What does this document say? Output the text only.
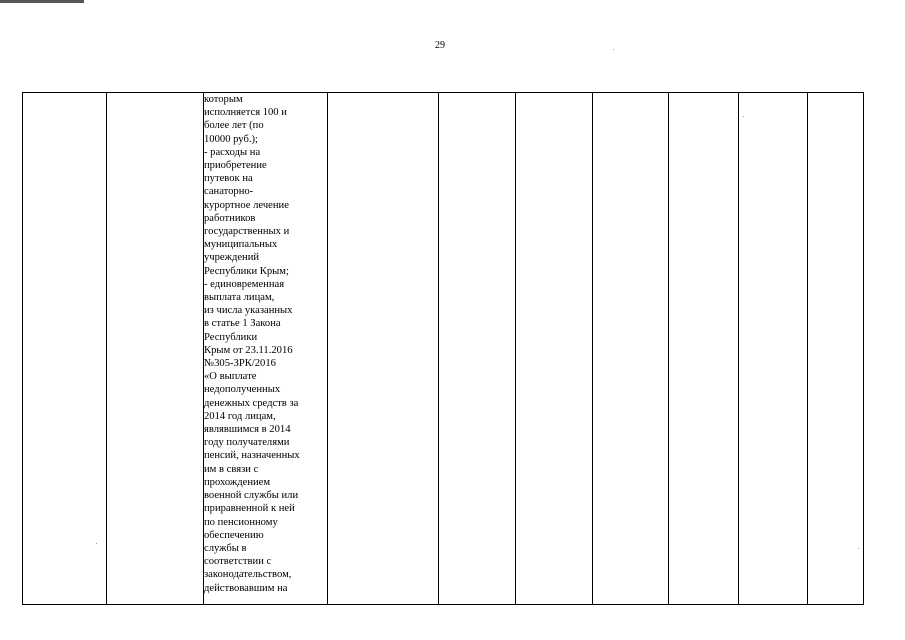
29

которым
исполняется 100 и
более лет (по
10000 руб.);
- расходы на
приобретение
путевок на
санаторно-
курортное лечение
работников
государственных и
муниципальных
учреждений
Республики Крым;
- единовременная
выплата лицам,
из числа указанных
в статье 1 Закона
Республики
Крым от 23.11.2016
№305-ЗРК/2016
«О выплате
недополученных
денежных средств за
2014 год лицам,
являвшимся в 2014
году получателями
пенсий, назначенных
им в связи с
прохождением
военной службы или
приравненной к ней
по пенсионному
обеспечению
службы в
соответствии с
законодательством,
действовавшим на
